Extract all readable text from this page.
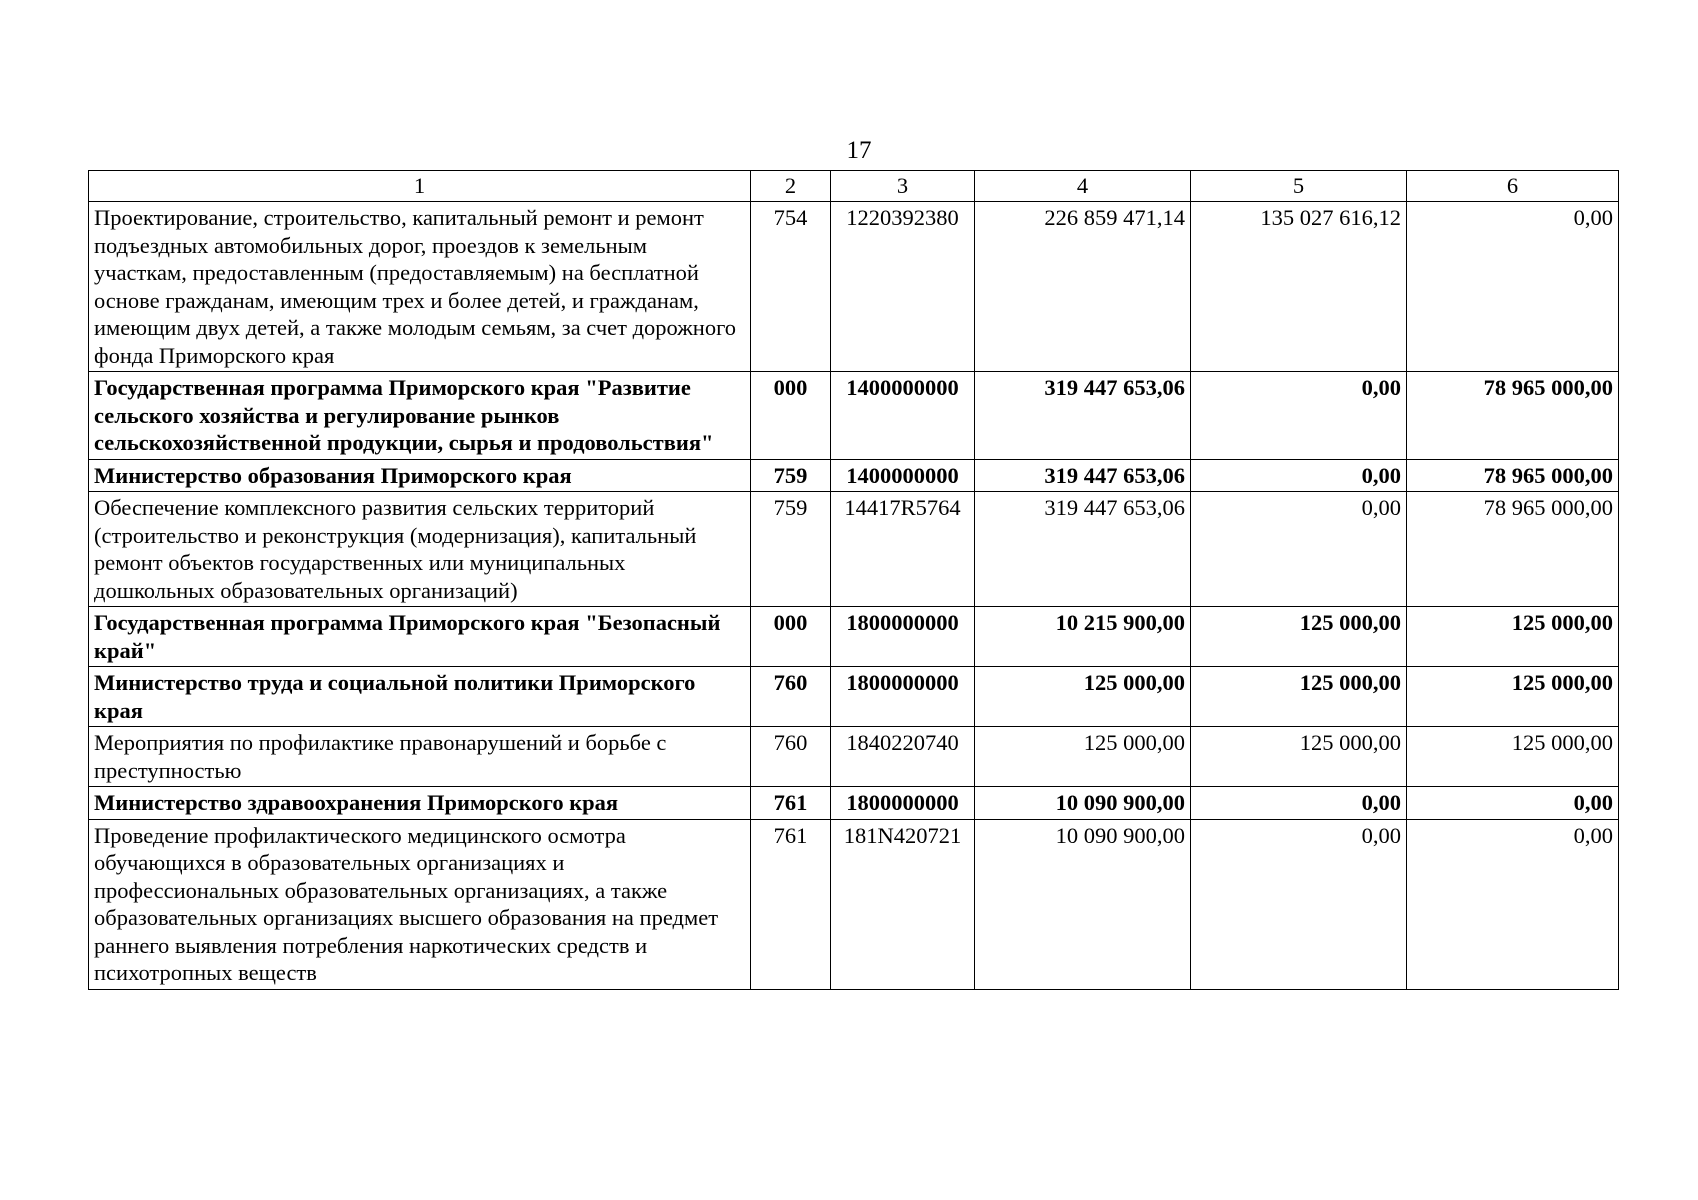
17
1	2	3	4	5	6
Проектирование, строительство, капитальный ремонт и ремонт подъездных автомобильных дорог, проездов к земельным участкам, предоставленным (предоставляемым) на бесплатной основе гражданам, имеющим трех и более детей, и гражданам, имеющим двух детей, а также молодым семьям, за счет дорожного фонда Приморского края	754	1220392380	226 859 471,14	135 027 616,12	0,00
Государственная программа Приморского края "Развитие сельского хозяйства и регулирование рынков сельскохозяйственной продукции, сырья и продовольствия"	000	1400000000	319 447 653,06	0,00	78 965 000,00
Министерство образования Приморского края	759	1400000000	319 447 653,06	0,00	78 965 000,00
Обеспечение комплексного развития сельских территорий (строительство и реконструкция (модернизация), капитальный ремонт объектов государственных или муниципальных дошкольных образовательных организаций)	759	14417R5764	319 447 653,06	0,00	78 965 000,00
Государственная программа Приморского края "Безопасный край"	000	1800000000	10 215 900,00	125 000,00	125 000,00
Министерство труда и социальной политики Приморского края	760	1800000000	125 000,00	125 000,00	125 000,00
Мероприятия по профилактике правонарушений и борьбе с преступностью	760	1840220740	125 000,00	125 000,00	125 000,00
Министерство здравоохранения Приморского края	761	1800000000	10 090 900,00	0,00	0,00
Проведение профилактического медицинского осмотра обучающихся в образовательных организациях и профессиональных образовательных организациях, а также образовательных организациях высшего образования на предмет раннего выявления потребления наркотических средств и психотропных веществ	761	181N420721	10 090 900,00	0,00	0,00
